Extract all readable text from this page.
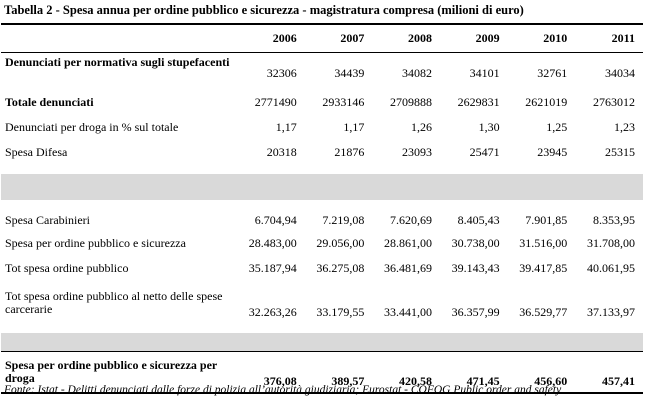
Tabella 2 - Spesa annua per ordine pubblico e sicurezza - magistratura compresa (milioni di euro)
	2006	2007	2008	2009	2010	2011
Denunciati per normativa sugli stupefacenti	32306	34439	34082	34101	32761	34034
Totale denunciati	2771490	2933146	2709888	2629831	2621019	2763012
Denunciati per droga in % sul totale	1,17	1,17	1,26	1,30	1,25	1,23
Spesa Difesa	20318	21876	23093	25471	23945	25315

Spesa Carabinieri	6.704,94	7.219,08	7.620,69	8.405,43	7.901,85	8.353,95
Spesa per ordine pubblico e sicurezza	28.483,00	29.056,00	28.861,00	30.738,00	31.516,00	31.708,00
Tot spesa ordine pubblico	35.187,94	36.275,08	36.481,69	39.143,43	39.417,85	40.061,95
Tot spesa ordine pubblico al netto delle spese carcerarie	32.263,26	33.179,55	33.441,00	36.357,99	36.529,77	37.133,97

Spesa per ordine pubblico e sicurezza per droga	376,08	389,57	420,58	471,45	456,60	457,41
Fonte: Istat - Delitti denunciati dalle forze di polizia all’autorità giudiziaria; Eurostat - COFOG Public order and safety
